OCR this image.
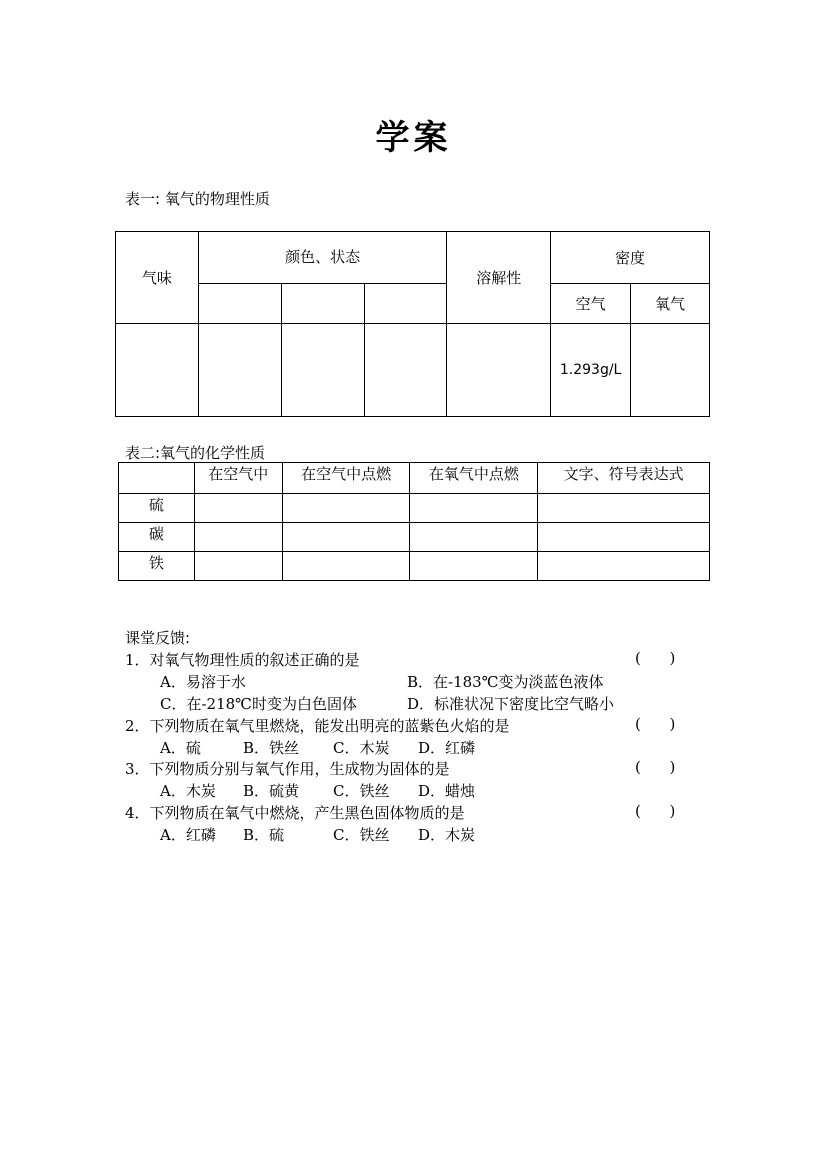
学案
表一: 氧气的物理性质
气味	颜色、状态			溶解性	密度	
					空气	氧气
					1.293g/L	
表二:氧气的化学性质
	在空气中	在空气中点燃	在氧气中点燃	文字、符号表达式
硫				
碳				
铁				
课堂反馈:
1．对氧气物理性质的叙述正确的是	(      )
A．易溶于水	B．在-183℃变为淡蓝色液体
C．在-218℃时变为白色固体	D．标准状况下密度比空气略小
2．下列物质在氧气里燃烧，能发出明亮的蓝紫色火焰的是	(      )
A．硫	B．铁丝 C．木炭 D．红磷
3．下列物质分别与氧气作用，生成物为固体的是	(      )
A．木炭 B．硫黄 C．铁丝 D．蜡烛
4．下列物质在氧气中燃烧，产生黑色固体物质的是	(      )
A．红磷 B．硫	C．铁丝 D．木炭
